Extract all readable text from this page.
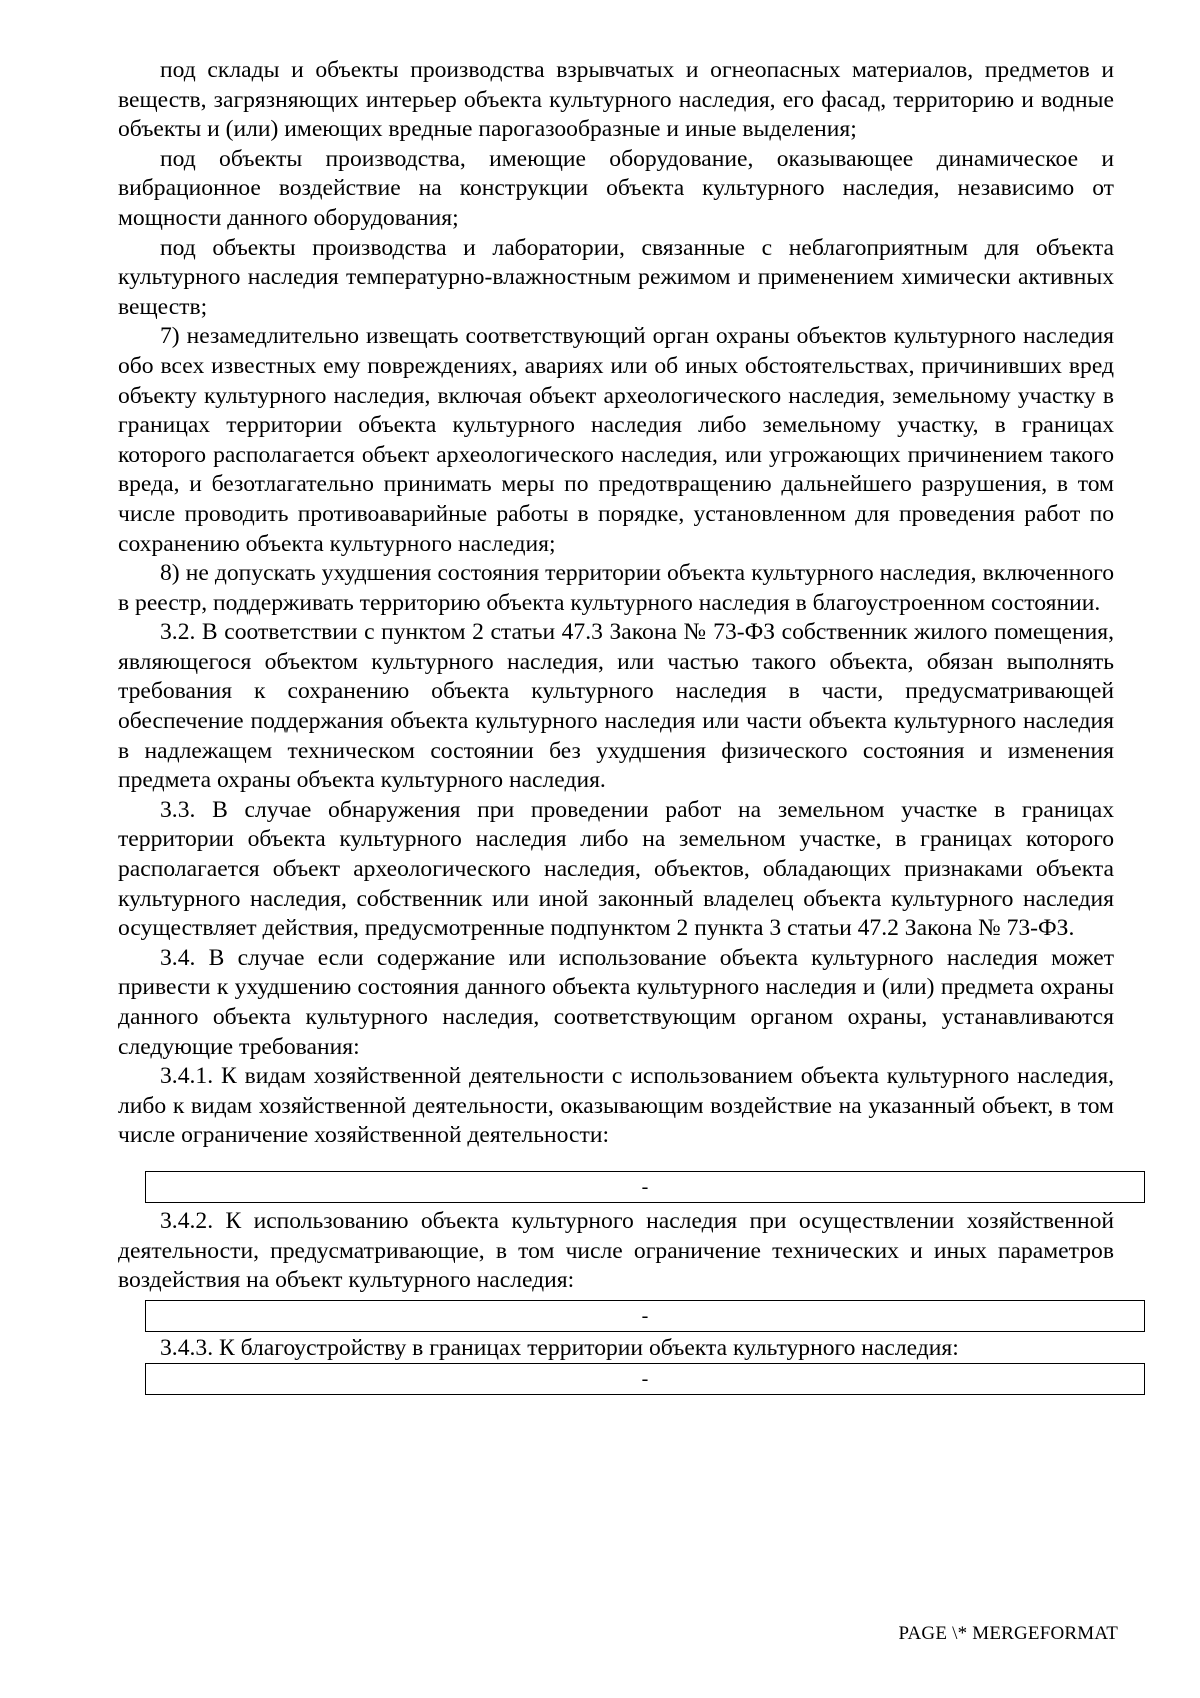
под склады и объекты производства взрывчатых и огнеопасных материалов, предметов и веществ, загрязняющих интерьер объекта культурного наследия, его фасад, территорию и водные объекты и (или) имеющих вредные парогазообразные и иные выделения;

под объекты производства, имеющие оборудование, оказывающее динамическое и вибрационное воздействие на конструкции объекта культурного наследия, независимо от мощности данного оборудования;

под объекты производства и лаборатории, связанные с неблагоприятным для объекта культурного наследия температурно-влажностным режимом и применением химически активных веществ;

7) незамедлительно извещать соответствующий орган охраны объектов культурного наследия обо всех известных ему повреждениях, авариях или об иных обстоятельствах, причинивших вред объекту культурного наследия, включая объект археологического наследия, земельному участку в границах территории объекта культурного наследия либо земельному участку, в границах которого располагается объект археологического наследия, или угрожающих причинением такого вреда, и безотлагательно принимать меры по предотвращению дальнейшего разрушения, в том числе проводить противоаварийные работы в порядке, установленном для проведения работ по сохранению объекта культурного наследия;

8) не допускать ухудшения состояния территории объекта культурного наследия, включенного в реестр, поддерживать территорию объекта культурного наследия в благоустроенном состоянии.

3.2. В соответствии с пунктом 2 статьи 47.3 Закона № 73-ФЗ собственник жилого помещения, являющегося объектом культурного наследия, или частью такого объекта, обязан выполнять требования к сохранению объекта культурного наследия в части, предусматривающей обеспечение поддержания объекта культурного наследия или части объекта культурного наследия в надлежащем техническом состоянии без ухудшения физического состояния и изменения предмета охраны объекта культурного наследия.

3.3. В случае обнаружения при проведении работ на земельном участке в границах территории объекта культурного наследия либо на земельном участке, в границах которого располагается объект археологического наследия, объектов, обладающих признаками объекта культурного наследия, собственник или иной законный владелец объекта культурного наследия осуществляет действия, предусмотренные подпунктом 2 пункта 3 статьи 47.2 Закона № 73-ФЗ.

3.4. В случае если содержание или использование объекта культурного наследия может привести к ухудшению состояния данного объекта культурного наследия и (или) предмета охраны данного объекта культурного наследия, соответствующим органом охраны, устанавливаются следующие требования:

3.4.1. К видам хозяйственной деятельности с использованием объекта культурного наследия, либо к видам хозяйственной деятельности, оказывающим воздействие на указанный объект, в том числе ограничение хозяйственной деятельности:

-

3.4.2. К использованию объекта культурного наследия при осуществлении хозяйственной деятельности, предусматривающие, в том числе ограничение технических и иных параметров воздействия на объект культурного наследия:

-

3.4.3. К благоустройству в границах территории объекта культурного наследия:

-
PAGE \* MERGEFORMAT
